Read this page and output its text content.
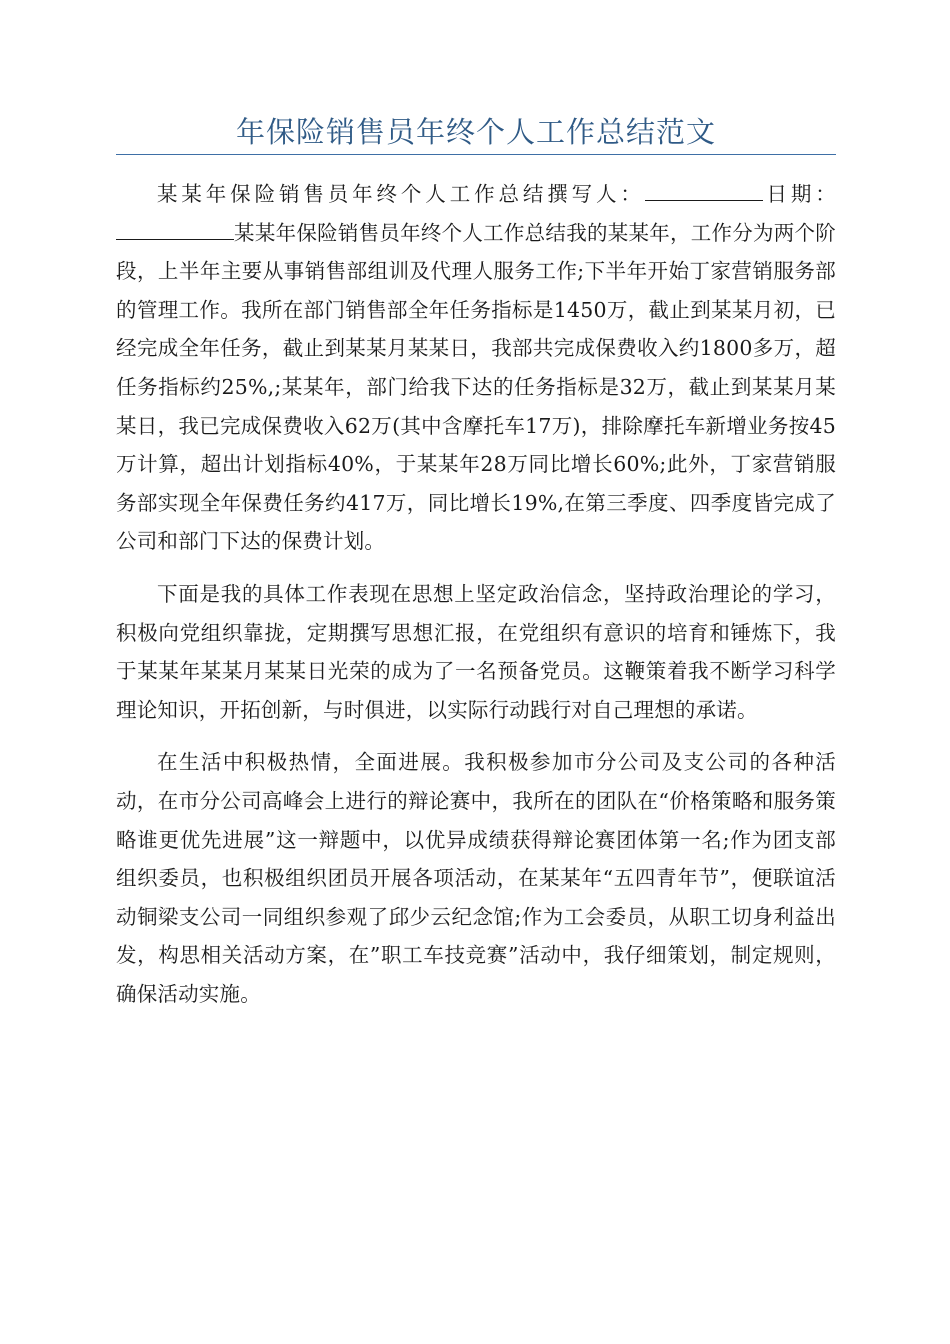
年保险销售员年终个人工作总结范文

某某年保险销售员年终个人工作总结撰写人：	日期：某某年保险销售员年终个人工作总结我的某某年，工作分为两个阶段，上半年主要从事销售部组训及代理人服务工作;下半年开始丁家营销服务部的管理工作。我所在部门销售部全年任务指标是1450万，截止到某某月初，已经完成全年任务，截止到某某月某某日，我部共完成保费收入约1800多万，超任务指标约25%,;某某年，部门给我下达的任务指标是32万，截止到某某月某某日，我已完成保费收入62万(其中含摩托车17万)，排除摩托车新增业务按45万计算，超出计划指标40%，于某某年28万同比增长60%;此外，丁家营销服务部实现全年保费任务约417万，同比增长19%,在第三季度、四季度皆完成了公司和部门下达的保费计划。

下面是我的具体工作表现在思想上坚定政治信念，坚持政治理论的学习，积极向党组织靠拢，定期撰写思想汇报，在党组织有意识的培育和锤炼下，我于某某年某某月某某日光荣的成为了一名预备党员。这鞭策着我不断学习科学理论知识，开拓创新，与时俱进，以实际行动践行对自己理想的承诺。

在生活中积极热情，全面进展。我积极参加市分公司及支公司的各种活动，在市分公司高峰会上进行的辩论赛中，我所在的团队在“价格策略和服务策略谁更优先进展”这一辩题中，以优异成绩获得辩论赛团体第一名;作为团支部组织委员，也积极组织团员开展各项活动，在某某年“五四青年节”，便联谊活动铜梁支公司一同组织参观了邱少云纪念馆;作为工会委员，从职工切身利益出发，构思相关活动方案，在”职工车技竞赛”活动中，我仔细策划，制定规则，确保活动实施。
